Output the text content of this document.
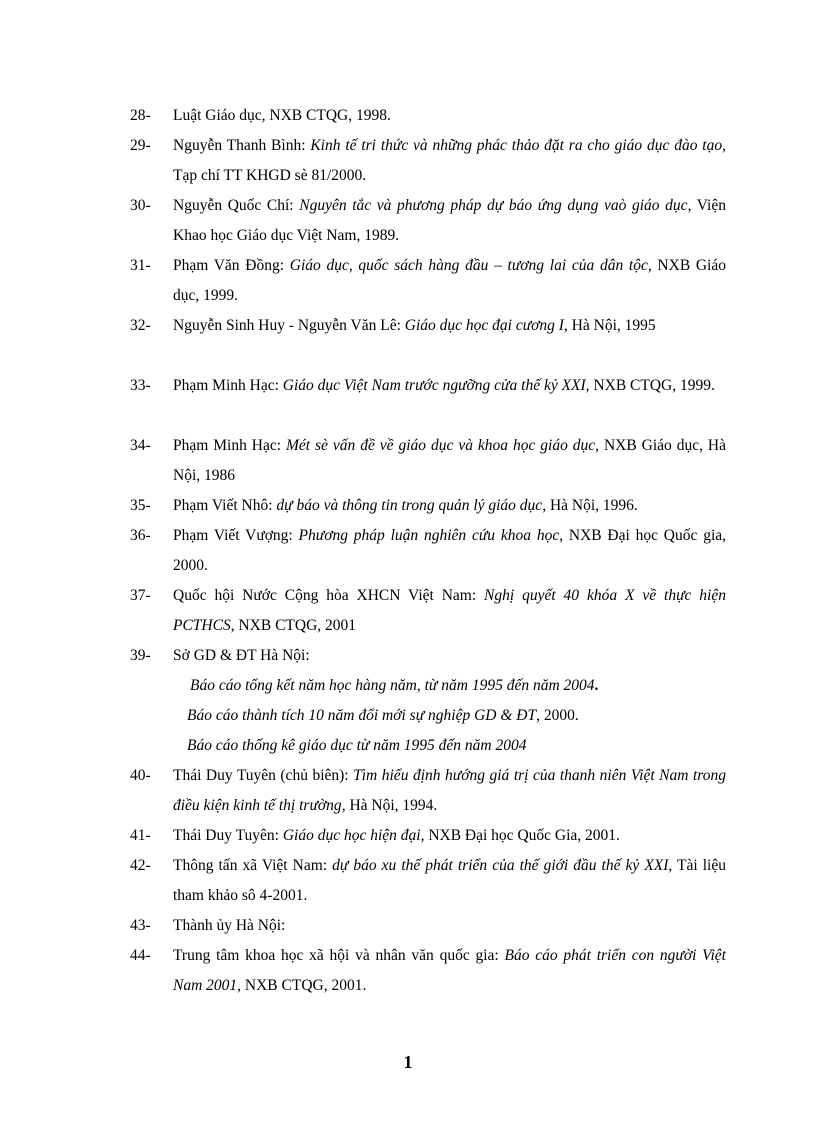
28-	Luật Giáo dục, NXB CTQG, 1998.
29-	Nguyễn Thanh Bình: Kinh tế tri thức và những phác thảo đặt ra cho giáo dục đào tạo, Tạp chí TT KHGD sè 81/2000.
30-	Nguyễn Quốc Chí: Nguyên tắc và phương pháp dự báo ứng dụng vaò giáo dục, Viện Khao học Giáo dục Việt Nam, 1989.
31-	Phạm Văn Đồng: Giáo dục, quốc sách hàng đầu – tương lai của dân tộc, NXB Giáo dục, 1999.
32-	Nguyễn Sinh Huy - Nguyễn Văn Lê: Giáo dục học đại cương I, Hà Nội, 1995
33-	Phạm Minh Hạc: Giáo dục Việt Nam trước ngưỡng cửa thế kỷ XXI, NXB CTQG, 1999.
34-	Phạm Minh Hạc: Mét sè vấn đề về giáo dục và khoa học giáo dục, NXB Giáo dục, Hà Nội, 1986
35-	Phạm Viết Nhô: dự báo và thông tin trong quản lý giáo dục, Hà Nội, 1996.
36-	Phạm Viết Vượng: Phương pháp luận nghiên cứu khoa học, NXB Đại học Quốc gia, 2000.
37-	Quốc hội Nước Cộng hòa XHCN Việt Nam: Nghị quyết 40 khóa X về thực hiện PCTHCS, NXB CTQG, 2001
39-	Sở GD & ĐT Hà Nội:
Báo cáo tổng kết năm học hàng năm, từ năm 1995 đến năm 2004.
Báo cáo thành tích 10 năm đổi mới sự nghiệp GD & ĐT, 2000.
Báo cáo thống kê giáo dục từ năm 1995 đến năm 2004
40-	Thái Duy Tuyên (chủ biên): Tìm hiểu định hướng giá trị của thanh niên Việt Nam trong điều kiện kinh tế thị trường, Hà Nội, 1994.
41-	Thái Duy Tuyên: Giáo dục học hiện đại, NXB Đại học Quốc Gia, 2001.
42-	Thông tấn xã Việt Nam: dự báo xu thế phát triển của thế giới đầu thế kỷ XXI, Tài liệu tham khảo sô 4-2001.
43-	Thành ủy Hà Nội:
44-	Trung tâm khoa học xã hội và nhân văn quốc gia: Báo cáo phát triển con người Việt Nam 2001, NXB CTQG, 2001.
1
